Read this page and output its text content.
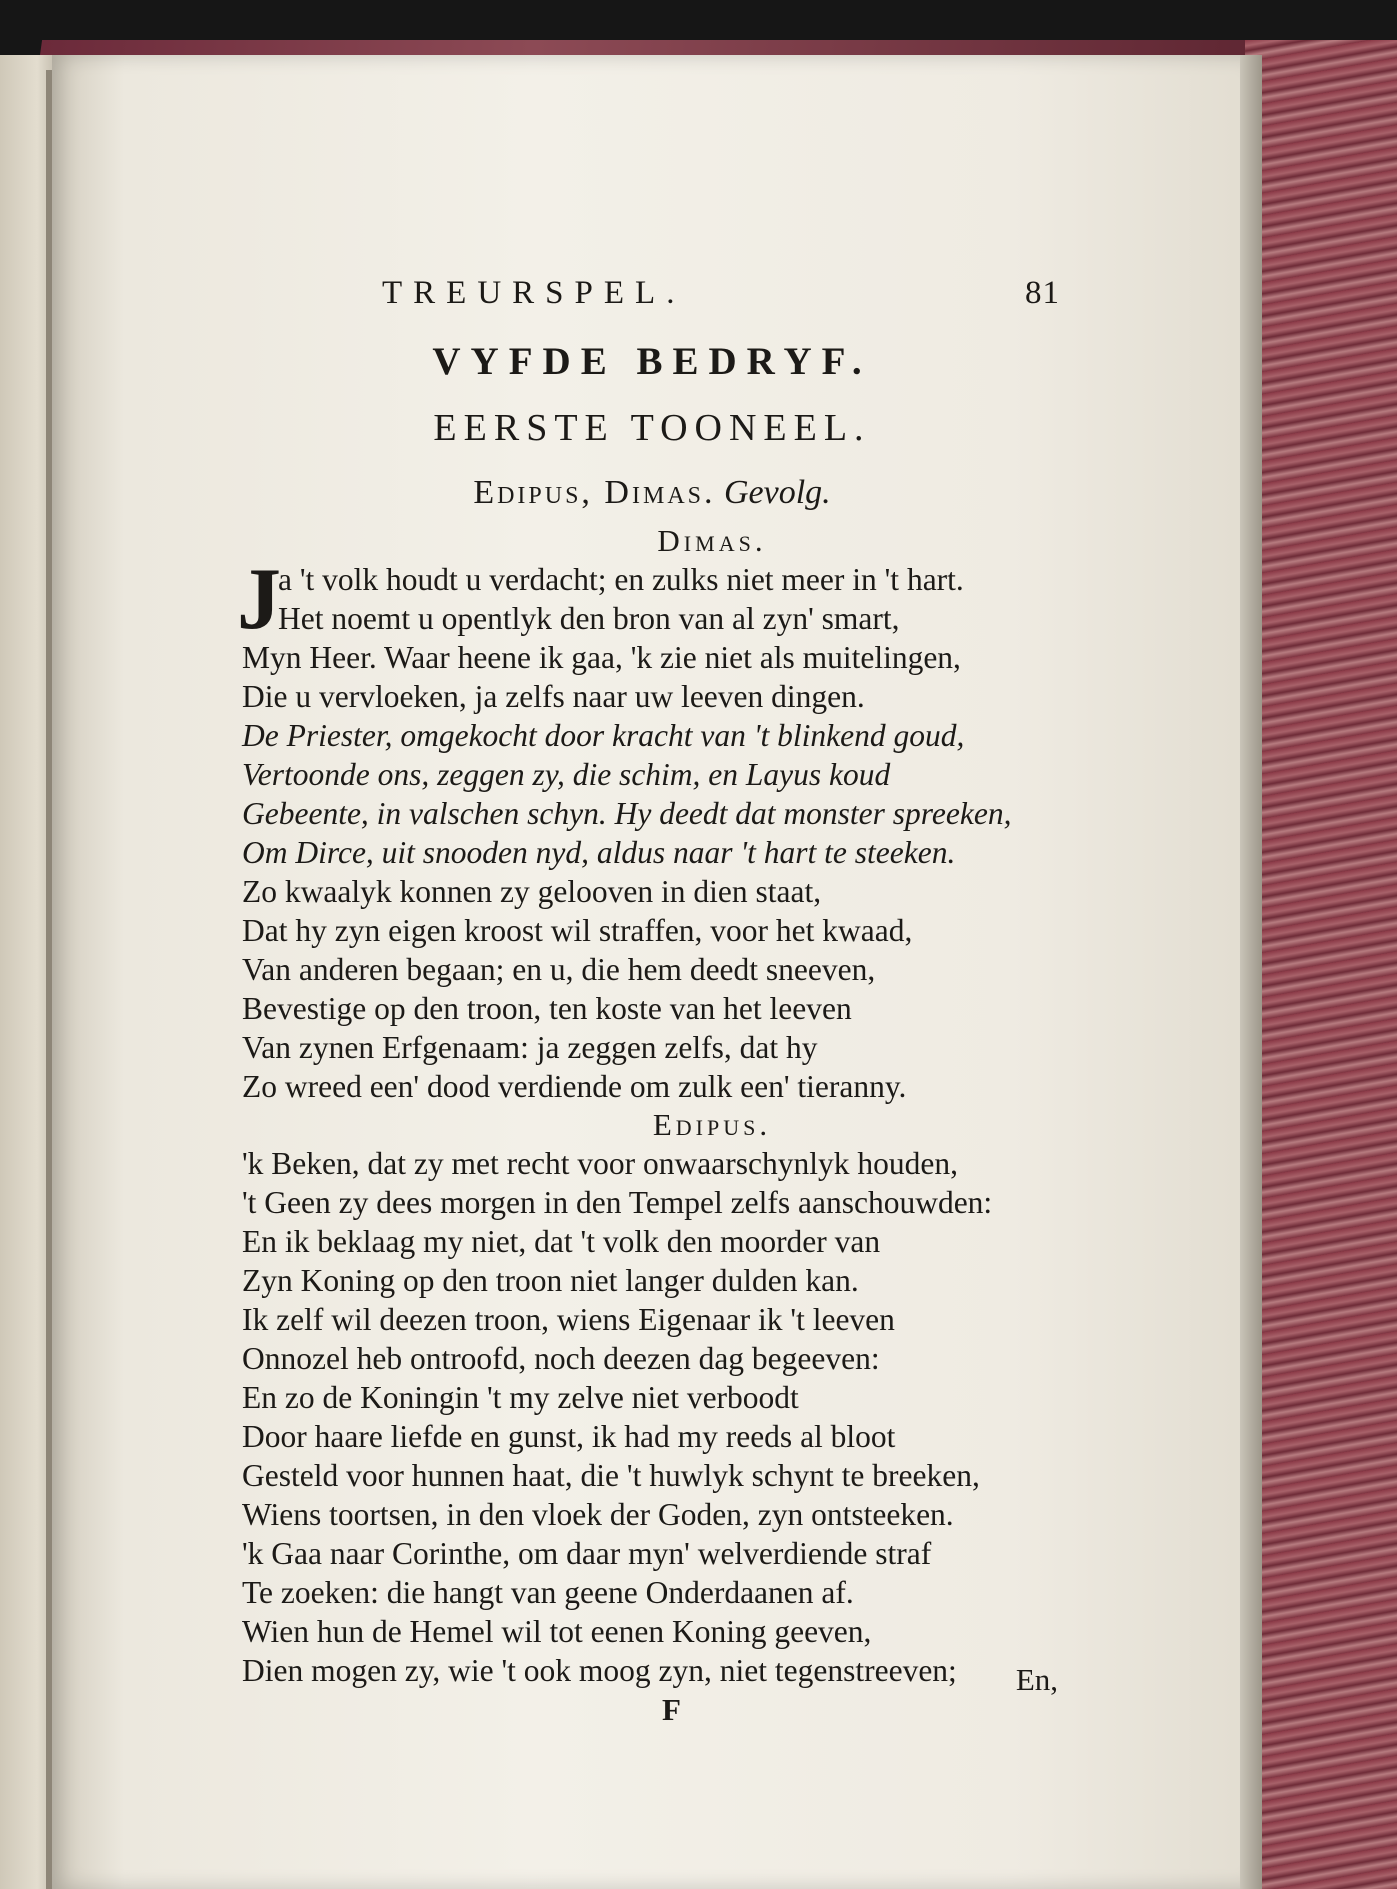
TREURSPEL.	81
VYFDE BEDRYF.
EERSTE TOONEEL.
Edipus, Dimas. Gevolg.
Dimas.
J
a 't volk houdt u verdacht; en zulks niet meer in 't hart.
Het noemt u opentlyk den bron van al zyn' smart,
Myn Heer. Waar heene ik gaa, 'k zie niet als muitelingen,
Die u vervloeken, ja zelfs naar uw leeven dingen.
De Priester, omgekocht door kracht van 't blinkend goud,
Vertoonde ons, zeggen zy, die schim, en Layus koud
Gebeente, in valschen schyn. Hy deedt dat monster spreeken,
Om Dirce, uit snooden nyd, aldus naar 't hart te steeken.
Zo kwaalyk konnen zy gelooven in dien staat,
Dat hy zyn eigen kroost wil straffen, voor het kwaad,
Van anderen begaan; en u, die hem deedt sneeven,
Bevestige op den troon, ten koste van het leeven
Van zynen Erfgenaam: ja zeggen zelfs, dat hy
Zo wreed een' dood verdiende om zulk een' tieranny.
Edipus.
'k Beken, dat zy met recht voor onwaarschynlyk houden,
't Geen zy dees morgen in den Tempel zelfs aanschouwden:
En ik beklaag my niet, dat 't volk den moorder van
Zyn Koning op den troon niet langer dulden kan.
Ik zelf wil deezen troon, wiens Eigenaar ik 't leeven
Onnozel heb ontroofd, noch deezen dag begeeven:
En zo de Koningin 't my zelve niet verboodt
Door haare liefde en gunst, ik had my reeds al bloot
Gesteld voor hunnen haat, die 't huwlyk schynt te breeken,
Wiens toortsen, in den vloek der Goden, zyn ontsteeken.
'k Gaa naar Corinthe, om daar myn' welverdiende straf
Te zoeken: die hangt van geene Onderdaanen af.
Wien hun de Hemel wil tot eenen Koning geeven,
Dien mogen zy, wie 't ook moog zyn, niet tegenstreeven;
F
En,
